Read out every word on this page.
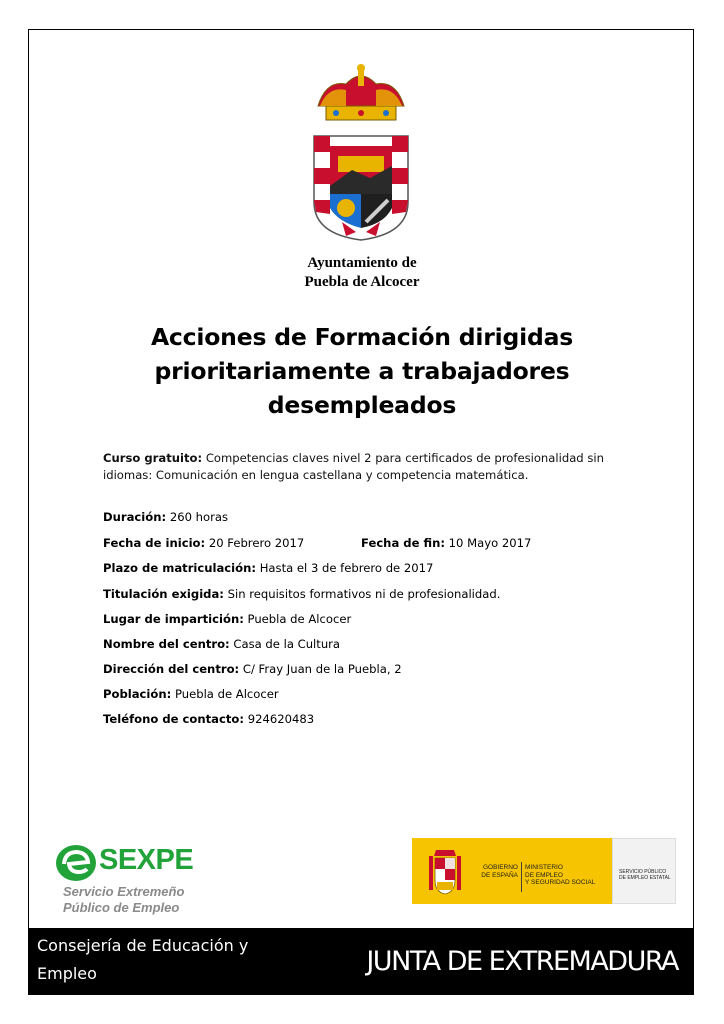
Ayuntamiento de
Puebla de Alcocer
Acciones de Formación dirigidas
prioritariamente a trabajadores
desempleados
Curso gratuito: Competencias claves nivel 2 para certificados de profesionalidad sin
idiomas: Comunicación en lengua castellana y competencia matemática.
Duración: 260 horas
Fecha de inicio: 20 Febrero 2017	Fecha de fin: 10 Mayo 2017
Plazo de matriculación: Hasta el 3 de febrero de 2017
Titulación exigida: Sin requisitos formativos ni de profesionalidad.
Lugar de impartición: Puebla de Alcocer
Nombre del centro: Casa de la Cultura
Dirección del centro: C/ Fray Juan de la Puebla, 2
Población: Puebla de Alcocer
Teléfono de contacto: 924620483
SEXPE
Servicio Extremeño
Público de Empleo
GOBIERNO
DE ESPAÑA
MINISTERIO
DE EMPLEO
Y SEGURIDAD SOCIAL
SERVICIO PÚBLICO
DE EMPLEO ESTATAL
Consejería de Educación y
Empleo	JUNTA DE EXTREMADURA
